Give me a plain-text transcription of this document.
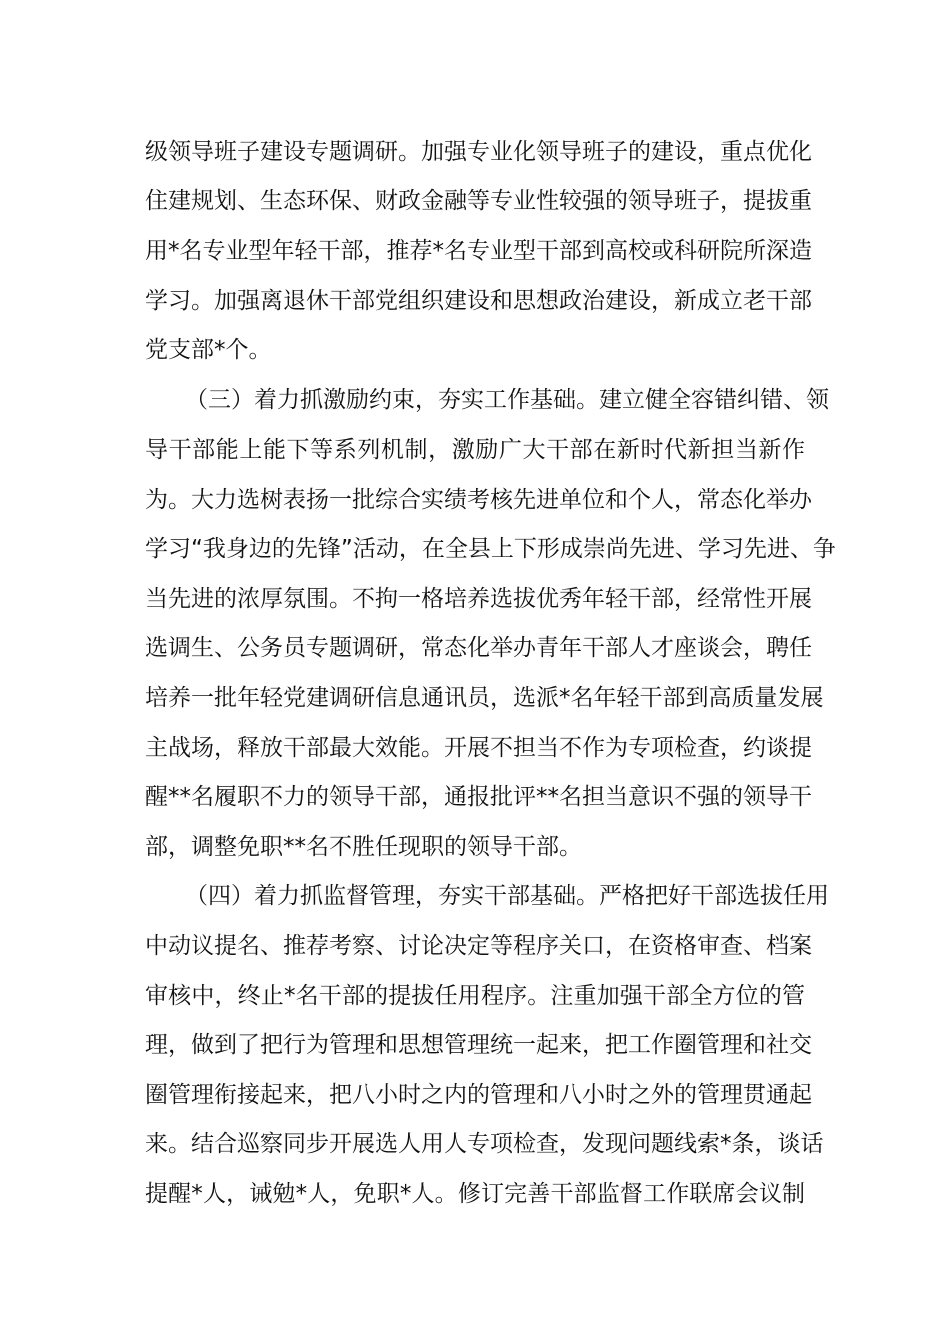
级领导班子建设专题调研。加强专业化领导班子的建设，重点优化
住建规划、生态环保、财政金融等专业性较强的领导班子，提拔重
用*名专业型年轻干部，推荐*名专业型干部到高校或科研院所深造
学习。加强离退休干部党组织建设和思想政治建设，新成立老干部
党支部*个。
（三）着力抓激励约束，夯实工作基础。建立健全容错纠错、领
导干部能上能下等系列机制，激励广大干部在新时代新担当新作
为。大力选树表扬一批综合实绩考核先进单位和个人，常态化举办
学习“我身边的先锋”活动，在全县上下形成崇尚先进、学习先进、争
当先进的浓厚氛围。不拘一格培养选拔优秀年轻干部，经常性开展
选调生、公务员专题调研，常态化举办青年干部人才座谈会，聘任
培养一批年轻党建调研信息通讯员，选派*名年轻干部到高质量发展
主战场，释放干部最大效能。开展不担当不作为专项检查，约谈提
醒**名履职不力的领导干部，通报批评**名担当意识不强的领导干
部，调整免职**名不胜任现职的领导干部。
（四）着力抓监督管理，夯实干部基础。严格把好干部选拔任用
中动议提名、推荐考察、讨论决定等程序关口，在资格审查、档案
审核中，终止*名干部的提拔任用程序。注重加强干部全方位的管
理，做到了把行为管理和思想管理统一起来，把工作圈管理和社交
圈管理衔接起来，把八小时之内的管理和八小时之外的管理贯通起
来。结合巡察同步开展选人用人专项检查，发现问题线索*条，谈话
提醒*人，诫勉*人，免职*人。修订完善干部监督工作联席会议制
